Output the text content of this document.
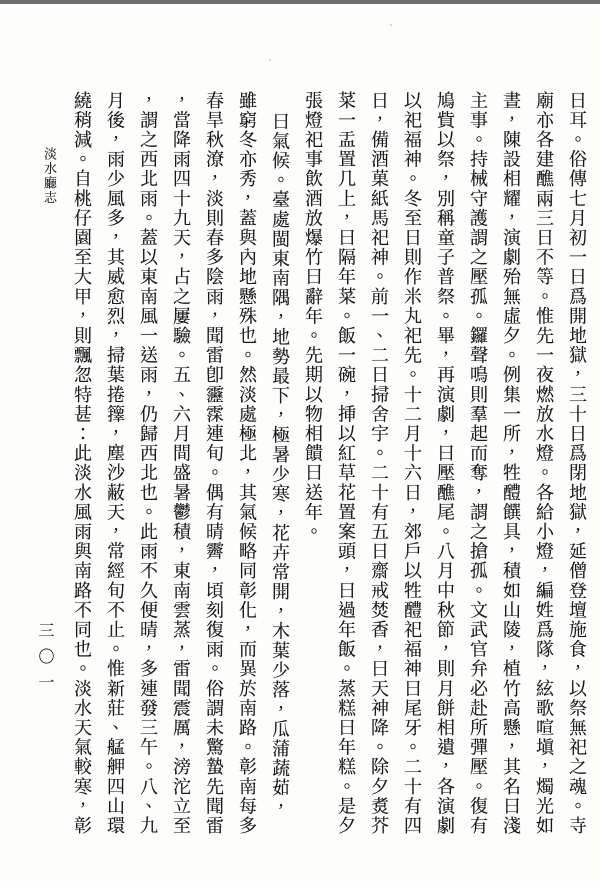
日耳。俗傳七月初一日爲開地獄，三十日爲閉地獄，延僧登壇施食，以祭無祀之魂。寺
廟亦各建醮兩三日不等。惟先一夜燃放水燈。各給小燈，編姓爲隊，絃歌喧塡，燭光如
晝，陳設相耀，演劇殆無虛夕。例集一所，牲醴饌具，積如山陵，植竹高懸，其名曰淺
主事。持械守護謂之壓孤。鑼聲鳴則羣起而奪，謂之搶孤。文武官弁必赴所彈壓。復有
鳩貲以祭，別稱童子普祭。畢，再演劇，曰壓醮尾。八月中秋節，則月餅相遺，各演劇
以祀福神。冬至日則作米丸祀先。十二月十六日，郊戶以牲醴祀福神曰尾牙。二十有四
日，備酒菓紙馬祀神。前一、二日掃舍宇。二十有五日齋戒焚香，曰天神降。除夕煑芥
菜一盂置几上，曰隔年菜。飯一碗，挿以紅草花置案頭，曰過年飯。蒸糕曰年糕。是夕
張燈祀事飲酒放爆竹曰辭年。先期以物相饋曰送年。
曰氣候。臺處閩東南隅，地勢最下，極暑少寒，花卉常開，木葉少落，瓜蒲蔬茹，
雖窮冬亦秀，蓋與內地懸殊也。然淡處極北，其氣候略同彰化，而異於南路。彰南每多
春旱秋潦，淡則春多陰雨，聞雷卽靋霂連旬。偶有晴霽，頃刻復雨。俗謂未驚蟄先聞雷
，當降雨四十九天，占之屢驗。五、六月間盛暑鬱積，東南雲蒸，雷聞震厲，滂沱立至
，謂之西北雨。蓋以東南風一送雨，仍歸西北也。此雨不久便晴，多連發三午。八、九
月後，雨少風多，其威愈烈，掃葉捲籜，塵沙蔽天，常經旬不止。惟新莊、艋舺四山環
繞稍減。自桃仔園至大甲，則飄忽特甚：此淡水風雨與南路不同也。淡水天氣較寒，彰
淡水廳志
三〇一
